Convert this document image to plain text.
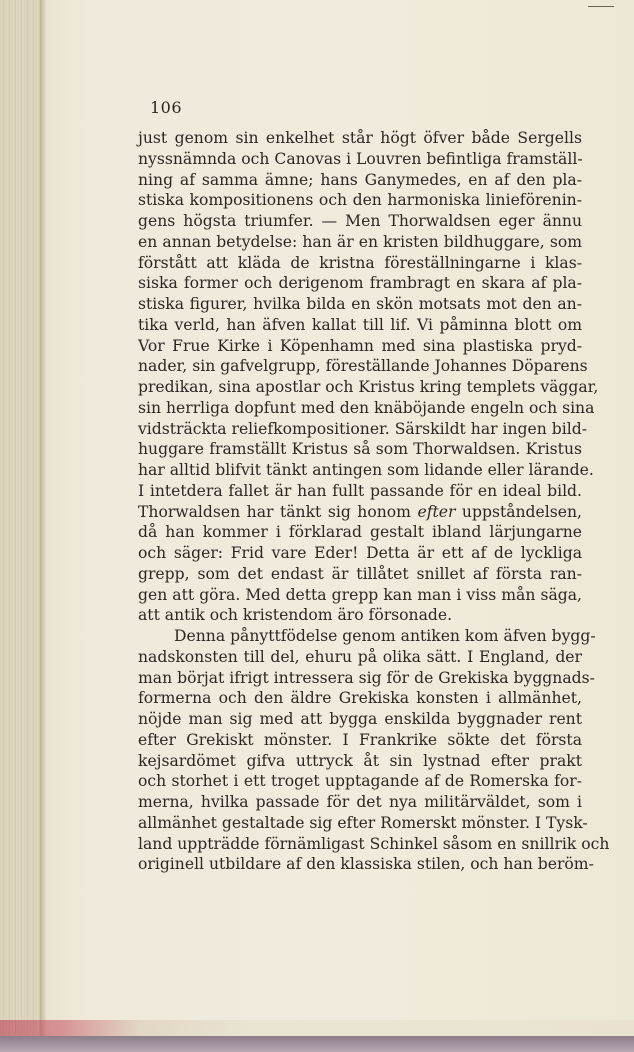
106
just genom sin enkelhet står högt öfver både Sergells
nyssnämnda och Canovas i Louvren befintliga framställ-
ning af samma ämne; hans Ganymedes, en af den pla-
stiska kompositionens och den harmoniska linieförenin-
gens högsta triumfer. — Men Thorwaldsen eger ännu
en annan betydelse: han är en kristen bildhuggare, som
förstått att kläda de kristna föreställningarne i klas-
siska former och derigenom frambragt en skara af pla-
stiska figurer, hvilka bilda en skön motsats mot den an-
tika verld, han äfven kallat till lif. Vi påminna blott om
Vor Frue Kirke i Köpenhamn med sina plastiska pryd-
nader, sin gafvelgrupp, föreställande Johannes Döparens
predikan, sina apostlar och Kristus kring templets väggar,
sin herrliga dopfunt med den knäböjande engeln och sina
vidsträckta reliefkompositioner. Särskildt har ingen bild-
huggare framställt Kristus så som Thorwaldsen. Kristus
har alltid blifvit tänkt antingen som lidande eller lärande.
I intetdera fallet är han fullt passande för en ideal bild.
Thorwaldsen har tänkt sig honom efter uppståndelsen,
då han kommer i förklarad gestalt ibland lärjungarne
och säger: Frid vare Eder! Detta är ett af de lyckliga
grepp, som det endast är tillåtet snillet af första ran-
gen att göra. Med detta grepp kan man i viss mån säga,
att antik och kristendom äro försonade.
Denna pånyttfödelse genom antiken kom äfven bygg-
nadskonsten till del, ehuru på olika sätt. I England, der
man börjat ifrigt intressera sig för de Grekiska byggnads-
formerna och den äldre Grekiska konsten i allmänhet,
nöjde man sig med att bygga enskilda byggnader rent
efter Grekiskt mönster. I Frankrike sökte det första
kejsardömet gifva uttryck åt sin lystnad efter prakt
och storhet i ett troget upptagande af de Romerska for-
merna, hvilka passade för det nya militärväldet, som i
allmänhet gestaltade sig efter Romerskt mönster. I Tysk-
land uppträdde förnämligast Schinkel såsom en snillrik och
originell utbildare af den klassiska stilen, och han beröm-
